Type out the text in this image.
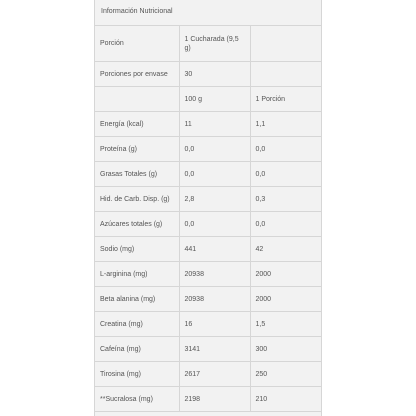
Información Nutricional
Porción	1 Cucharada (9,5 g)	
Porciones por envase	30	
	100 g	1 Porción
Energía (kcal)	11	1,1
Proteína (g)	0,0	0,0
Grasas Totales (g)	0,0	0,0
Hid. de Carb. Disp. (g)	2,8	0,3
Azúcares totales (g)	0,0	0,0
Sodio (mg)	441	42
L-arginina (mg)	20938	2000
Beta alanina (mg)	20938	2000
Creatina (mg)	16	1,5
Cafeína (mg)	3141	300
Tirosina (mg)	2617	250
**Sucralosa (mg)	2198	210
